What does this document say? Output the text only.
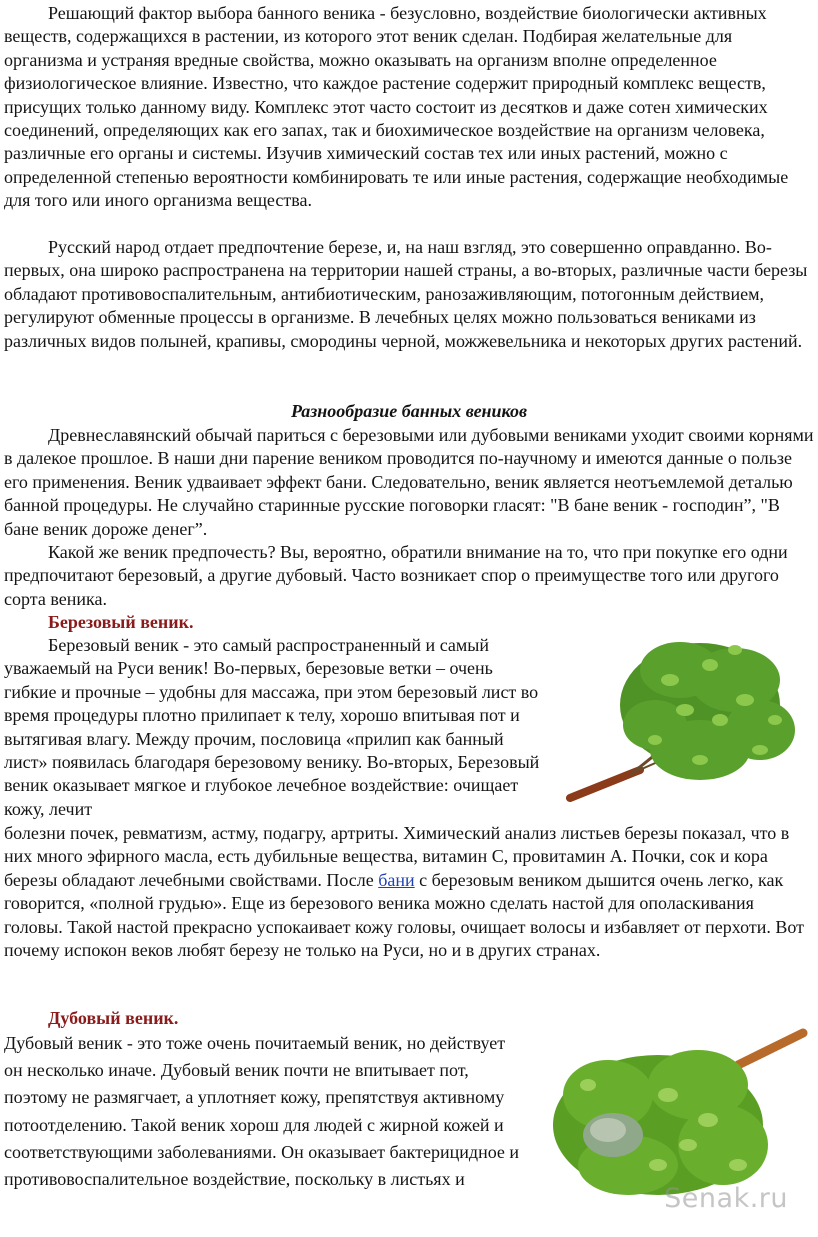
Решающий фактор выбора банного веника - безусловно, воздействие биологически активных веществ, содержащихся в растении, из которого этот веник сделан. Подбирая желательные для организма и устраняя вредные свойства, можно оказывать на организм вполне определенное физиологическое влияние. Известно, что каждое растение содержит природный комплекс веществ, присущих только данному виду. Комплекс этот часто состоит из десятков и даже сотен химических соединений, определяющих как его запах, так и биохимическое воздействие на организм человека, различные его органы и системы. Изучив химический состав тех или иных растений, можно с определенной степенью вероятности комбинировать те или иные растения, содержащие необходимые для того или иного организма вещества.

Русский народ отдает предпочтение березе, и, на наш взгляд, это совершенно оправданно. Во-первых, она широко распространена на территории нашей страны, а во-вторых, различные части березы обладают противовоспалительным, антибиотическим, ранозаживляющим, потогонным действием, регулируют обменные процессы в организме. В лечебных целях можно пользоваться вениками из различных видов полыней, крапивы, смородины черной, можжевельника и некоторых других растений.

Разнообразие банных веников

Древнеславянский обычай париться с березовыми или дубовыми вениками уходит своими корнями в далекое прошлое. В наши дни парение веником проводится по-научному и имеются данные о пользе его применения. Веник удваивает эффект бани. Следовательно, веник является неотъемлемой деталью банной процедуры. Не случайно старинные русские поговорки гласят: "В бане веник - господин”, "В бане веник дороже денег”.

Какой же веник предпочесть? Вы, вероятно, обратили внимание на то, что при покупке его одни предпочитают березовый, а другие дубовый. Часто возникает спор о преимуществе того или другого сорта веника.

Березовый веник.

Березовый веник - это самый распространенный и самый уважаемый на Руси веник! Во-первых, березовые ветки – очень гибкие и прочные – удобны для массажа, при этом березовый лист во время процедуры плотно прилипает к телу, хорошо впитывая пот и вытягивая влагу. Между прочим, пословица «прилип как банный лист» появилась благодаря березовому венику. Во-вторых, Березовый веник оказывает мягкое и глубокое лечебное воздействие: очищает кожу, лечит

болезни почек, ревматизм, астму, подагру, артриты. Химический анализ листьев березы показал, что в них много эфирного масла, есть дубильные вещества, витамин С, провитамин А. Почки, сок и кора березы обладают лечебными свойствами. После бани с березовым веником дышится очень легко, как говорится, «полной грудью». Еще из березового веника можно сделать настой для ополаскивания головы. Такой настой прекрасно успокаивает кожу головы, очищает волосы и избавляет от перхоти. Вот почему испокон веков любят березу не только на Руси, но и в других странах.

Дубовый веник.

Дубовый веник - это тоже очень почитаемый веник, но действует он несколько иначе. Дубовый веник почти не впитывает пот, поэтому не размягчает, а уплотняет кожу, препятствуя активному потоотделению. Такой веник хорош для людей с жирной кожей и соответствующими заболеваниями. Он оказывает бактерицидное и противовоспалительное воздействие, поскольку в листьях и

Senak.ru
